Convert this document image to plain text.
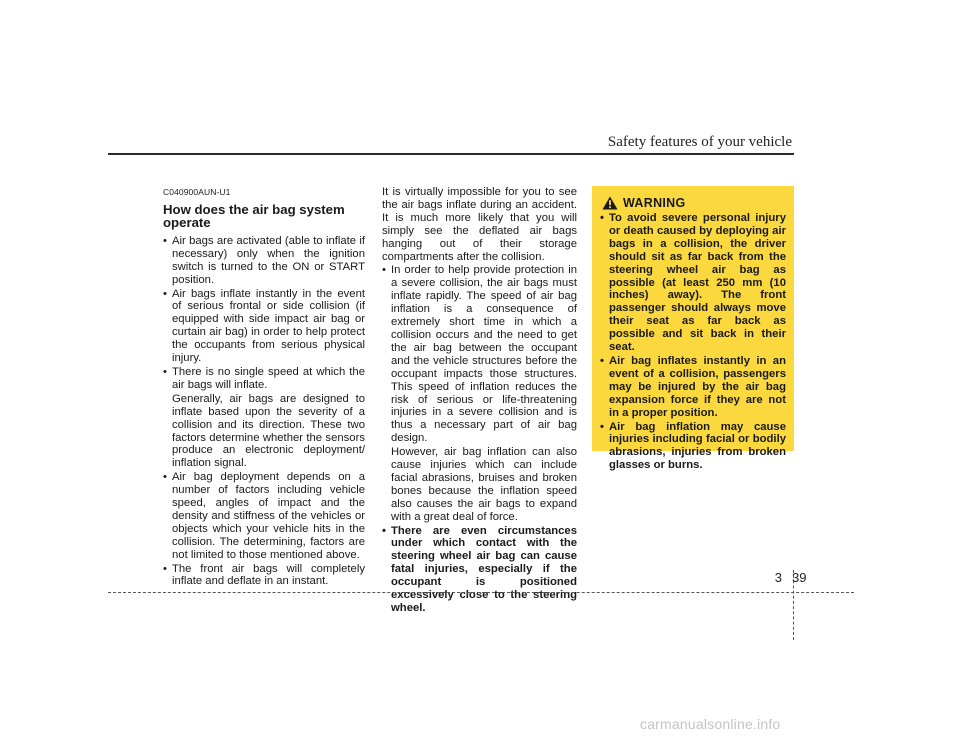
Safety features of your vehicle
C040900AUN-U1
How does the air bag system operate
• Air bags are activated (able to inflate if necessary) only when the ignition switch is turned to the ON or START position.
• Air bags inflate instantly in the event of serious frontal or side collision (if equipped with side impact air bag or curtain air bag) in order to help protect the occupants from serious physical injury.
• There is no single speed at which the air bags will inflate.
Generally, air bags are designed to inflate based upon the severity of a collision and its direction. These two factors determine whether the sensors produce an electronic deployment/ inflation signal.
• Air bag deployment depends on a number of factors including vehicle speed, angles of impact and the density and stiffness of the vehicles or objects which your vehicle hits in the collision. The determining, factors are not limited to those mentioned above.
• The front air bags will completely inflate and deflate in an instant.
It is virtually impossible for you to see the air bags inflate during an accident. It is much more likely that you will simply see the deflated air bags hanging out of their storage compartments after the collision.
• In order to help provide protection in a severe collision, the air bags must inflate rapidly. The speed of air bag inflation is a consequence of extremely short time in which a collision occurs and the need to get the air bag between the occupant and the vehicle structures before the occupant impacts those structures. This speed of inflation reduces the risk of serious or life-threatening injuries in a severe collision and is thus a necessary part of air bag design.
However, air bag inflation can also cause injuries which can include facial abrasions, bruises and broken bones because the inflation speed also causes the air bags to expand with a great deal of force.
• There are even circumstances under which contact with the steering wheel air bag can cause fatal injuries, especially if the occupant is positioned excessively close to the steering wheel.
WARNING
• To avoid severe personal injury or death caused by deploying air bags in a collision, the driver should sit as far back from the steering wheel air bag as possible (at least 250 mm (10 inches) away). The front passenger should always move their seat as far back as possible and sit back in their seat.
• Air bag inflates instantly in an event of a collision, passengers may be injured by the air bag expansion force if they are not in a proper position.
• Air bag inflation may cause injuries including facial or bodily abrasions, injuries from broken glasses or burns.
3 39
carmanualsonline.info
